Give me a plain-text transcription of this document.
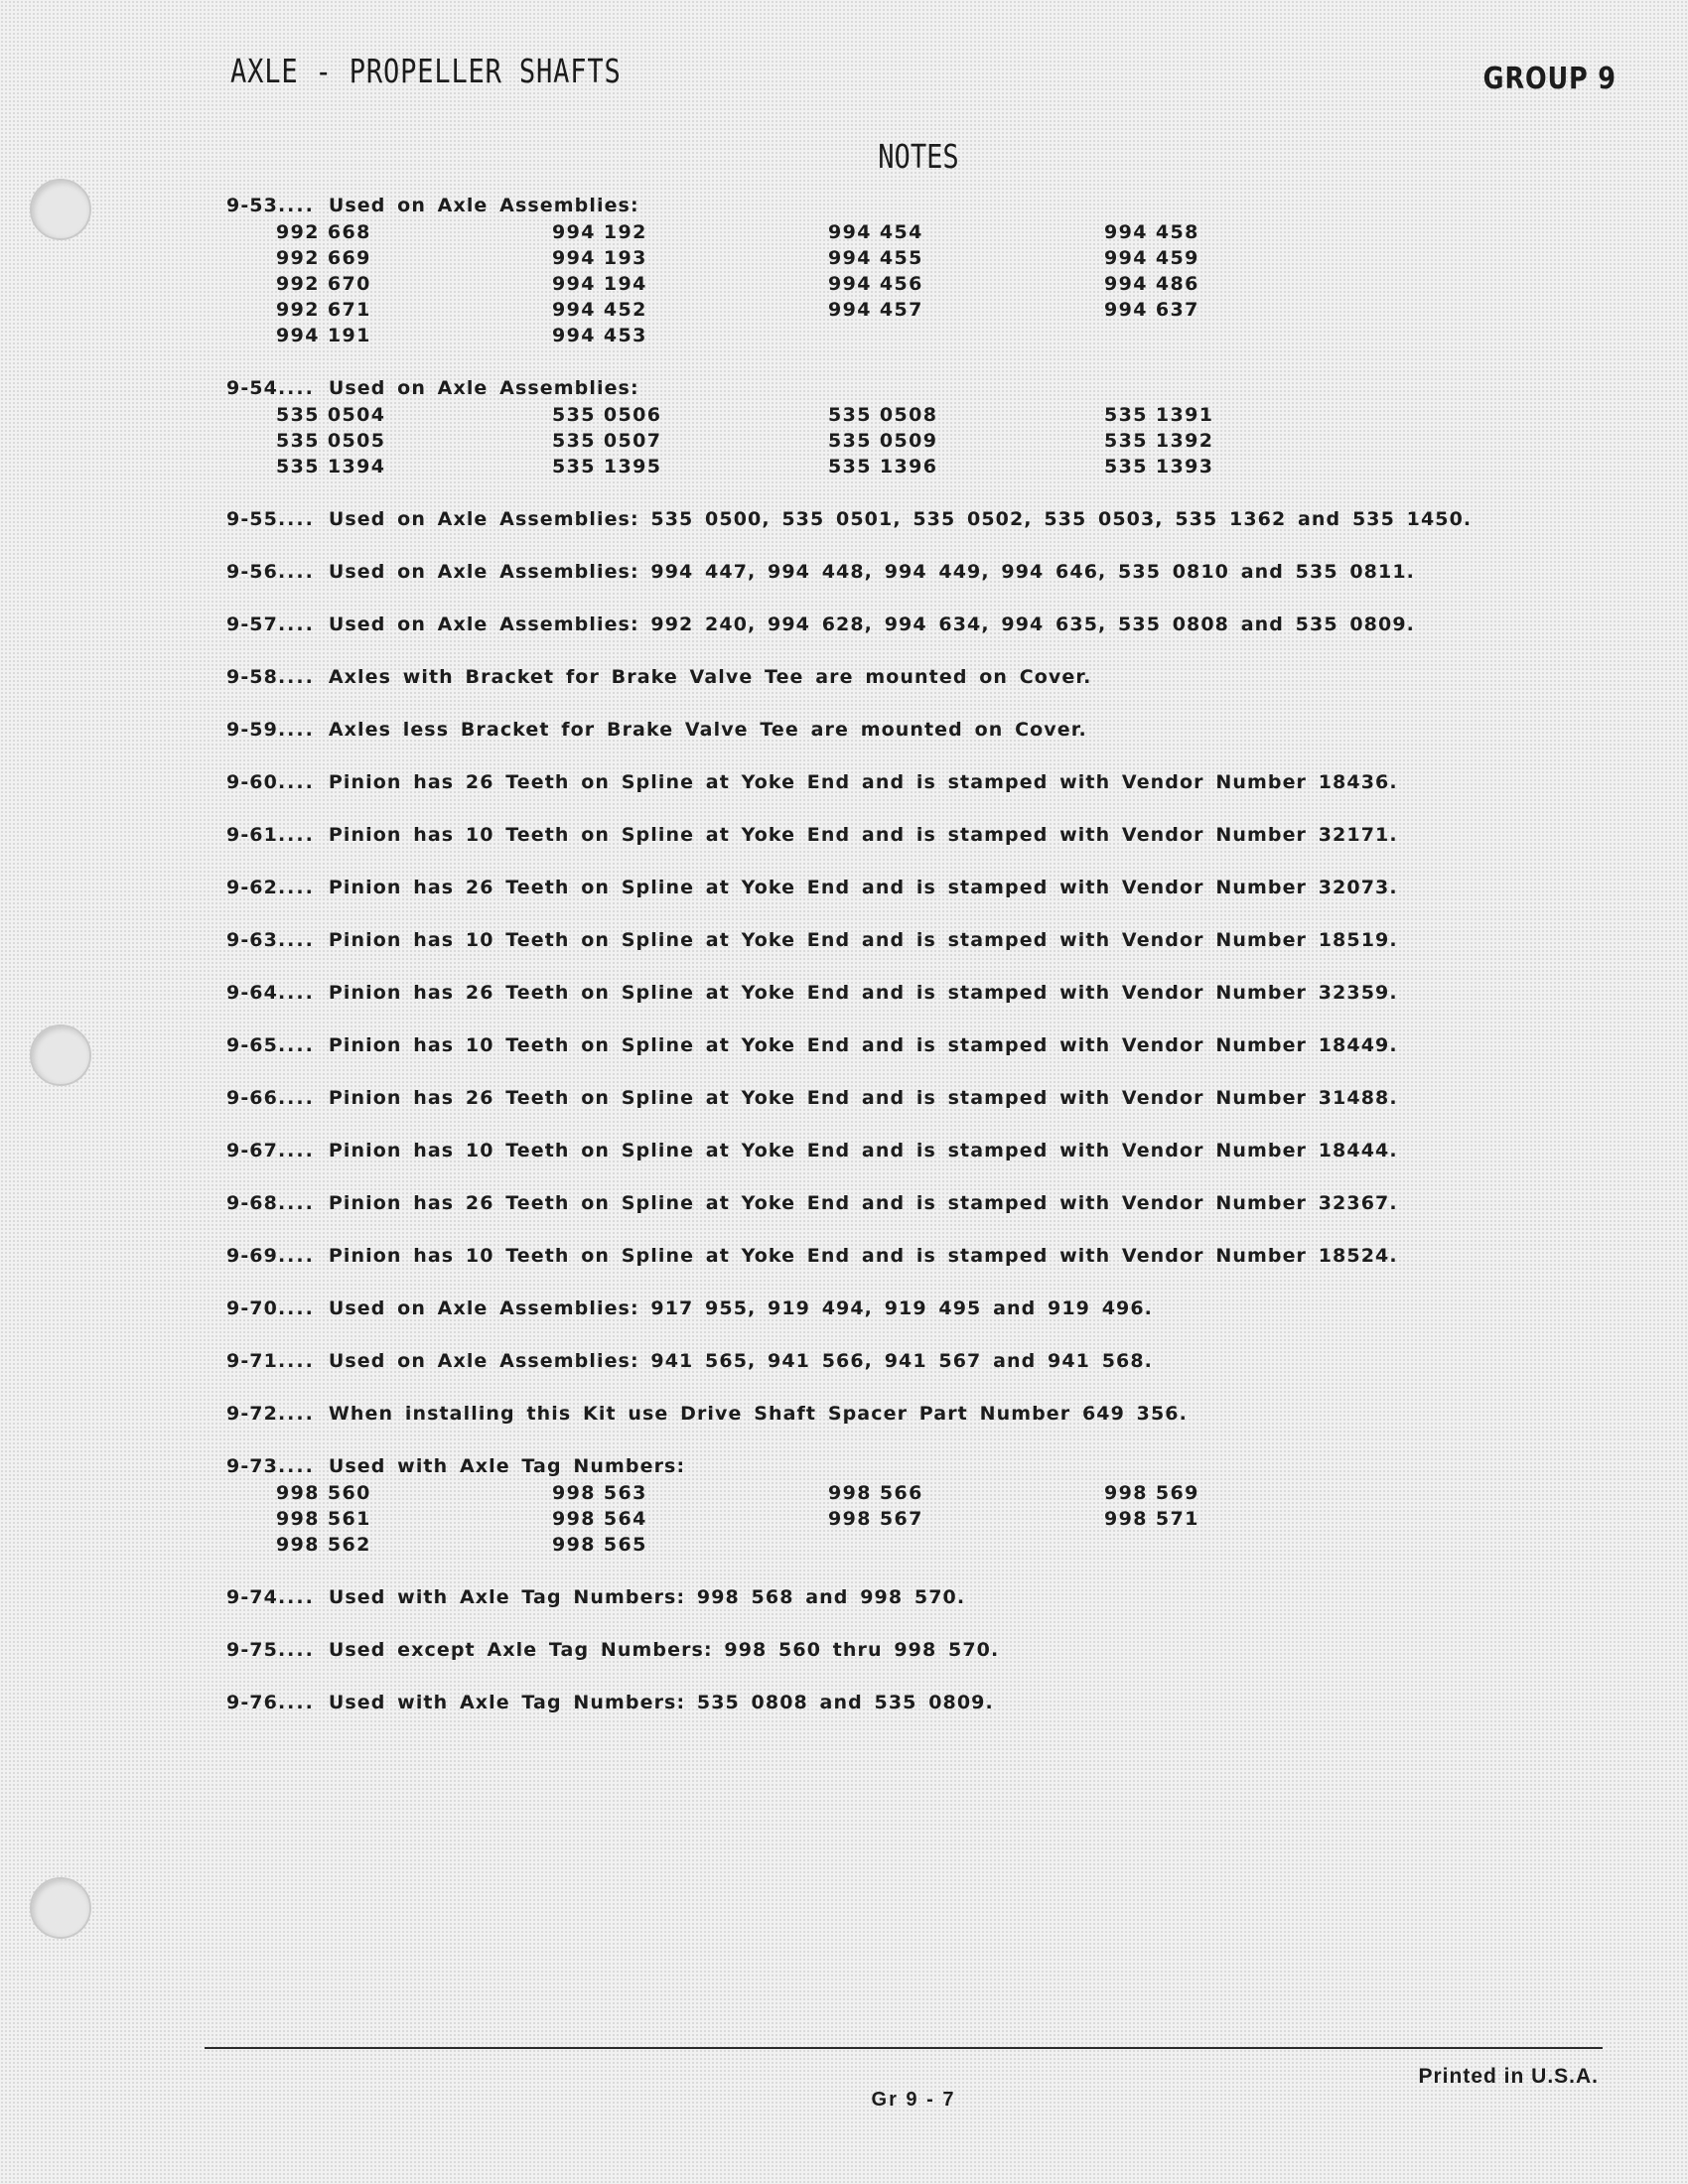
AXLE - PROPELLER SHAFTS	GROUP 9
NOTES
9-53.... Used on Axle Assemblies:
992 668
992 669
992 670
992 671
994 191
994 192
994 193
994 194
994 452
994 453
994 454
994 455
994 456
994 457
994 458
994 459
994 486
994 637
9-54.... Used on Axle Assemblies:
535 0504
535 0505
535 1394
535 0506
535 0507
535 1395
535 0508
535 0509
535 1396
535 1391
535 1392
535 1393
9-55.... Used on Axle Assemblies: 535 0500, 535 0501, 535 0502, 535 0503, 535 1362 and 535 1450.
9-56.... Used on Axle Assemblies: 994 447, 994 448, 994 449, 994 646, 535 0810 and 535 0811.
9-57.... Used on Axle Assemblies: 992 240, 994 628, 994 634, 994 635, 535 0808 and 535 0809.
9-58.... Axles with Bracket for Brake Valve Tee are mounted on Cover.
9-59.... Axles less Bracket for Brake Valve Tee are mounted on Cover.
9-60.... Pinion has 26 Teeth on Spline at Yoke End and is stamped with Vendor Number 18436.
9-61.... Pinion has 10 Teeth on Spline at Yoke End and is stamped with Vendor Number 32171.
9-62.... Pinion has 26 Teeth on Spline at Yoke End and is stamped with Vendor Number 32073.
9-63.... Pinion has 10 Teeth on Spline at Yoke End and is stamped with Vendor Number 18519.
9-64.... Pinion has 26 Teeth on Spline at Yoke End and is stamped with Vendor Number 32359.
9-65.... Pinion has 10 Teeth on Spline at Yoke End and is stamped with Vendor Number 18449.
9-66.... Pinion has 26 Teeth on Spline at Yoke End and is stamped with Vendor Number 31488.
9-67.... Pinion has 10 Teeth on Spline at Yoke End and is stamped with Vendor Number 18444.
9-68.... Pinion has 26 Teeth on Spline at Yoke End and is stamped with Vendor Number 32367.
9-69.... Pinion has 10 Teeth on Spline at Yoke End and is stamped with Vendor Number 18524.
9-70.... Used on Axle Assemblies: 917 955, 919 494, 919 495 and 919 496.
9-71.... Used on Axle Assemblies: 941 565, 941 566, 941 567 and 941 568.
9-72.... When installing this Kit use Drive Shaft Spacer Part Number 649 356.
9-73.... Used with Axle Tag Numbers:
998 560
998 561
998 562
998 563
998 564
998 565
998 566
998 567
998 569
998 571
9-74.... Used with Axle Tag Numbers: 998 568 and 998 570.
9-75.... Used except Axle Tag Numbers: 998 560 thru 998 570.
9-76.... Used with Axle Tag Numbers: 535 0808 and 535 0809.
Printed in U.S.A.
Gr 9 - 7
